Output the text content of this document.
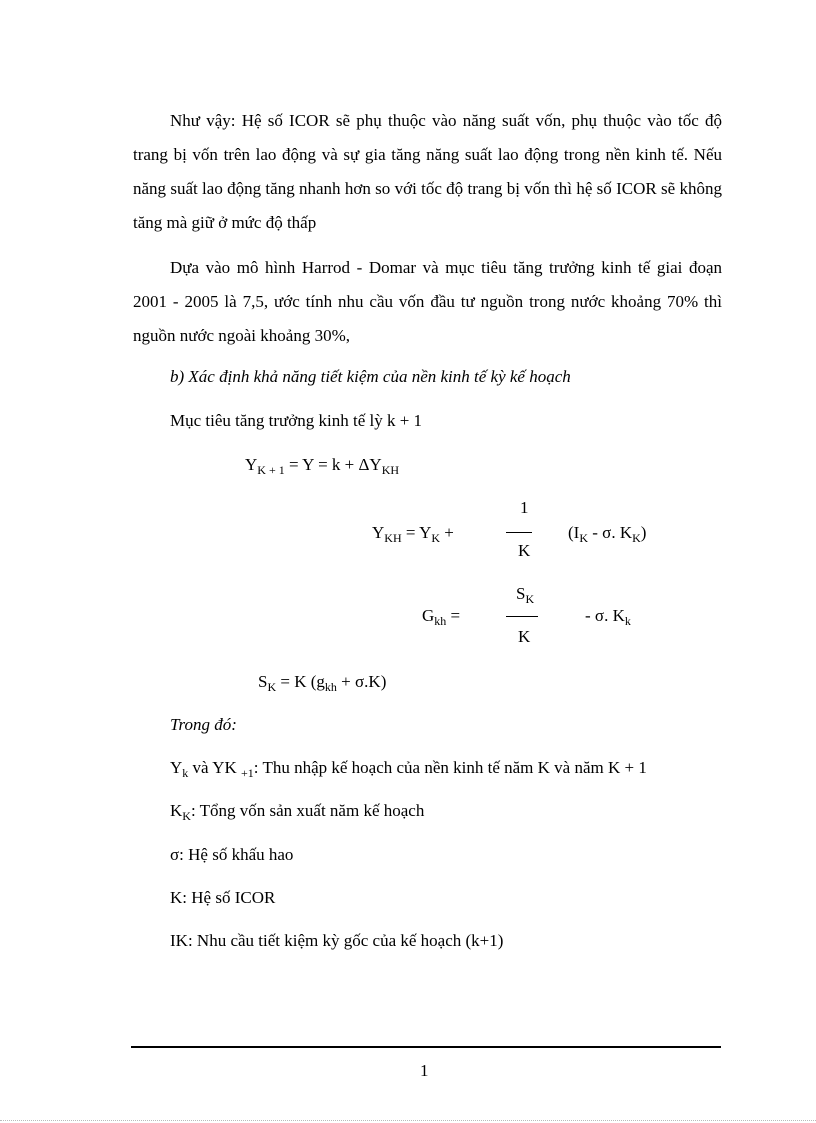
Như vậy: Hệ số ICOR sẽ phụ thuộc vào năng suất vốn, phụ thuộc vào tốc độ trang bị vốn trên lao động và sự gia tăng năng suất lao động trong nền kinh tế. Nếu năng suất lao động tăng nhanh hơn so với tốc độ trang bị vốn thì hệ số ICOR sẽ không tăng mà giữ ở mức độ thấp
Dựa vào mô hình Harrod - Domar và mục tiêu tăng trưởng kinh tế giai đoạn 2001 - 2005 là 7,5, ước tính nhu cầu vốn đầu tư nguồn trong nước khoảng 70% thì nguồn nước ngoài khoảng 30%,
b) Xác định khả năng tiết kiệm của nền kinh tế kỳ kế hoạch
Mục tiêu tăng trưởng kinh tế lỳ k + 1
$Y_{K + 1} = Y = k + \Delta Y_{KH}$
$Y_{KH} = Y_K$ +
1
K
($I_K$ - σ. $K_K$)
$G_{kh}$ =
$S_K$
K
- σ. $K_k$
$S_K = K$ $(g_{kh} + \sigma.K)$
Trong đó:
$Y_k$ và YK $_{+1}$: Thu nhập kế hoạch của nền kinh tế năm K và năm K + 1
$K_K$: Tổng vốn sản xuất năm kế hoạch
σ: Hệ số khấu hao
K: Hệ số ICOR
IK: Nhu cầu tiết kiệm kỳ gốc của kế hoạch (k+1)
1
